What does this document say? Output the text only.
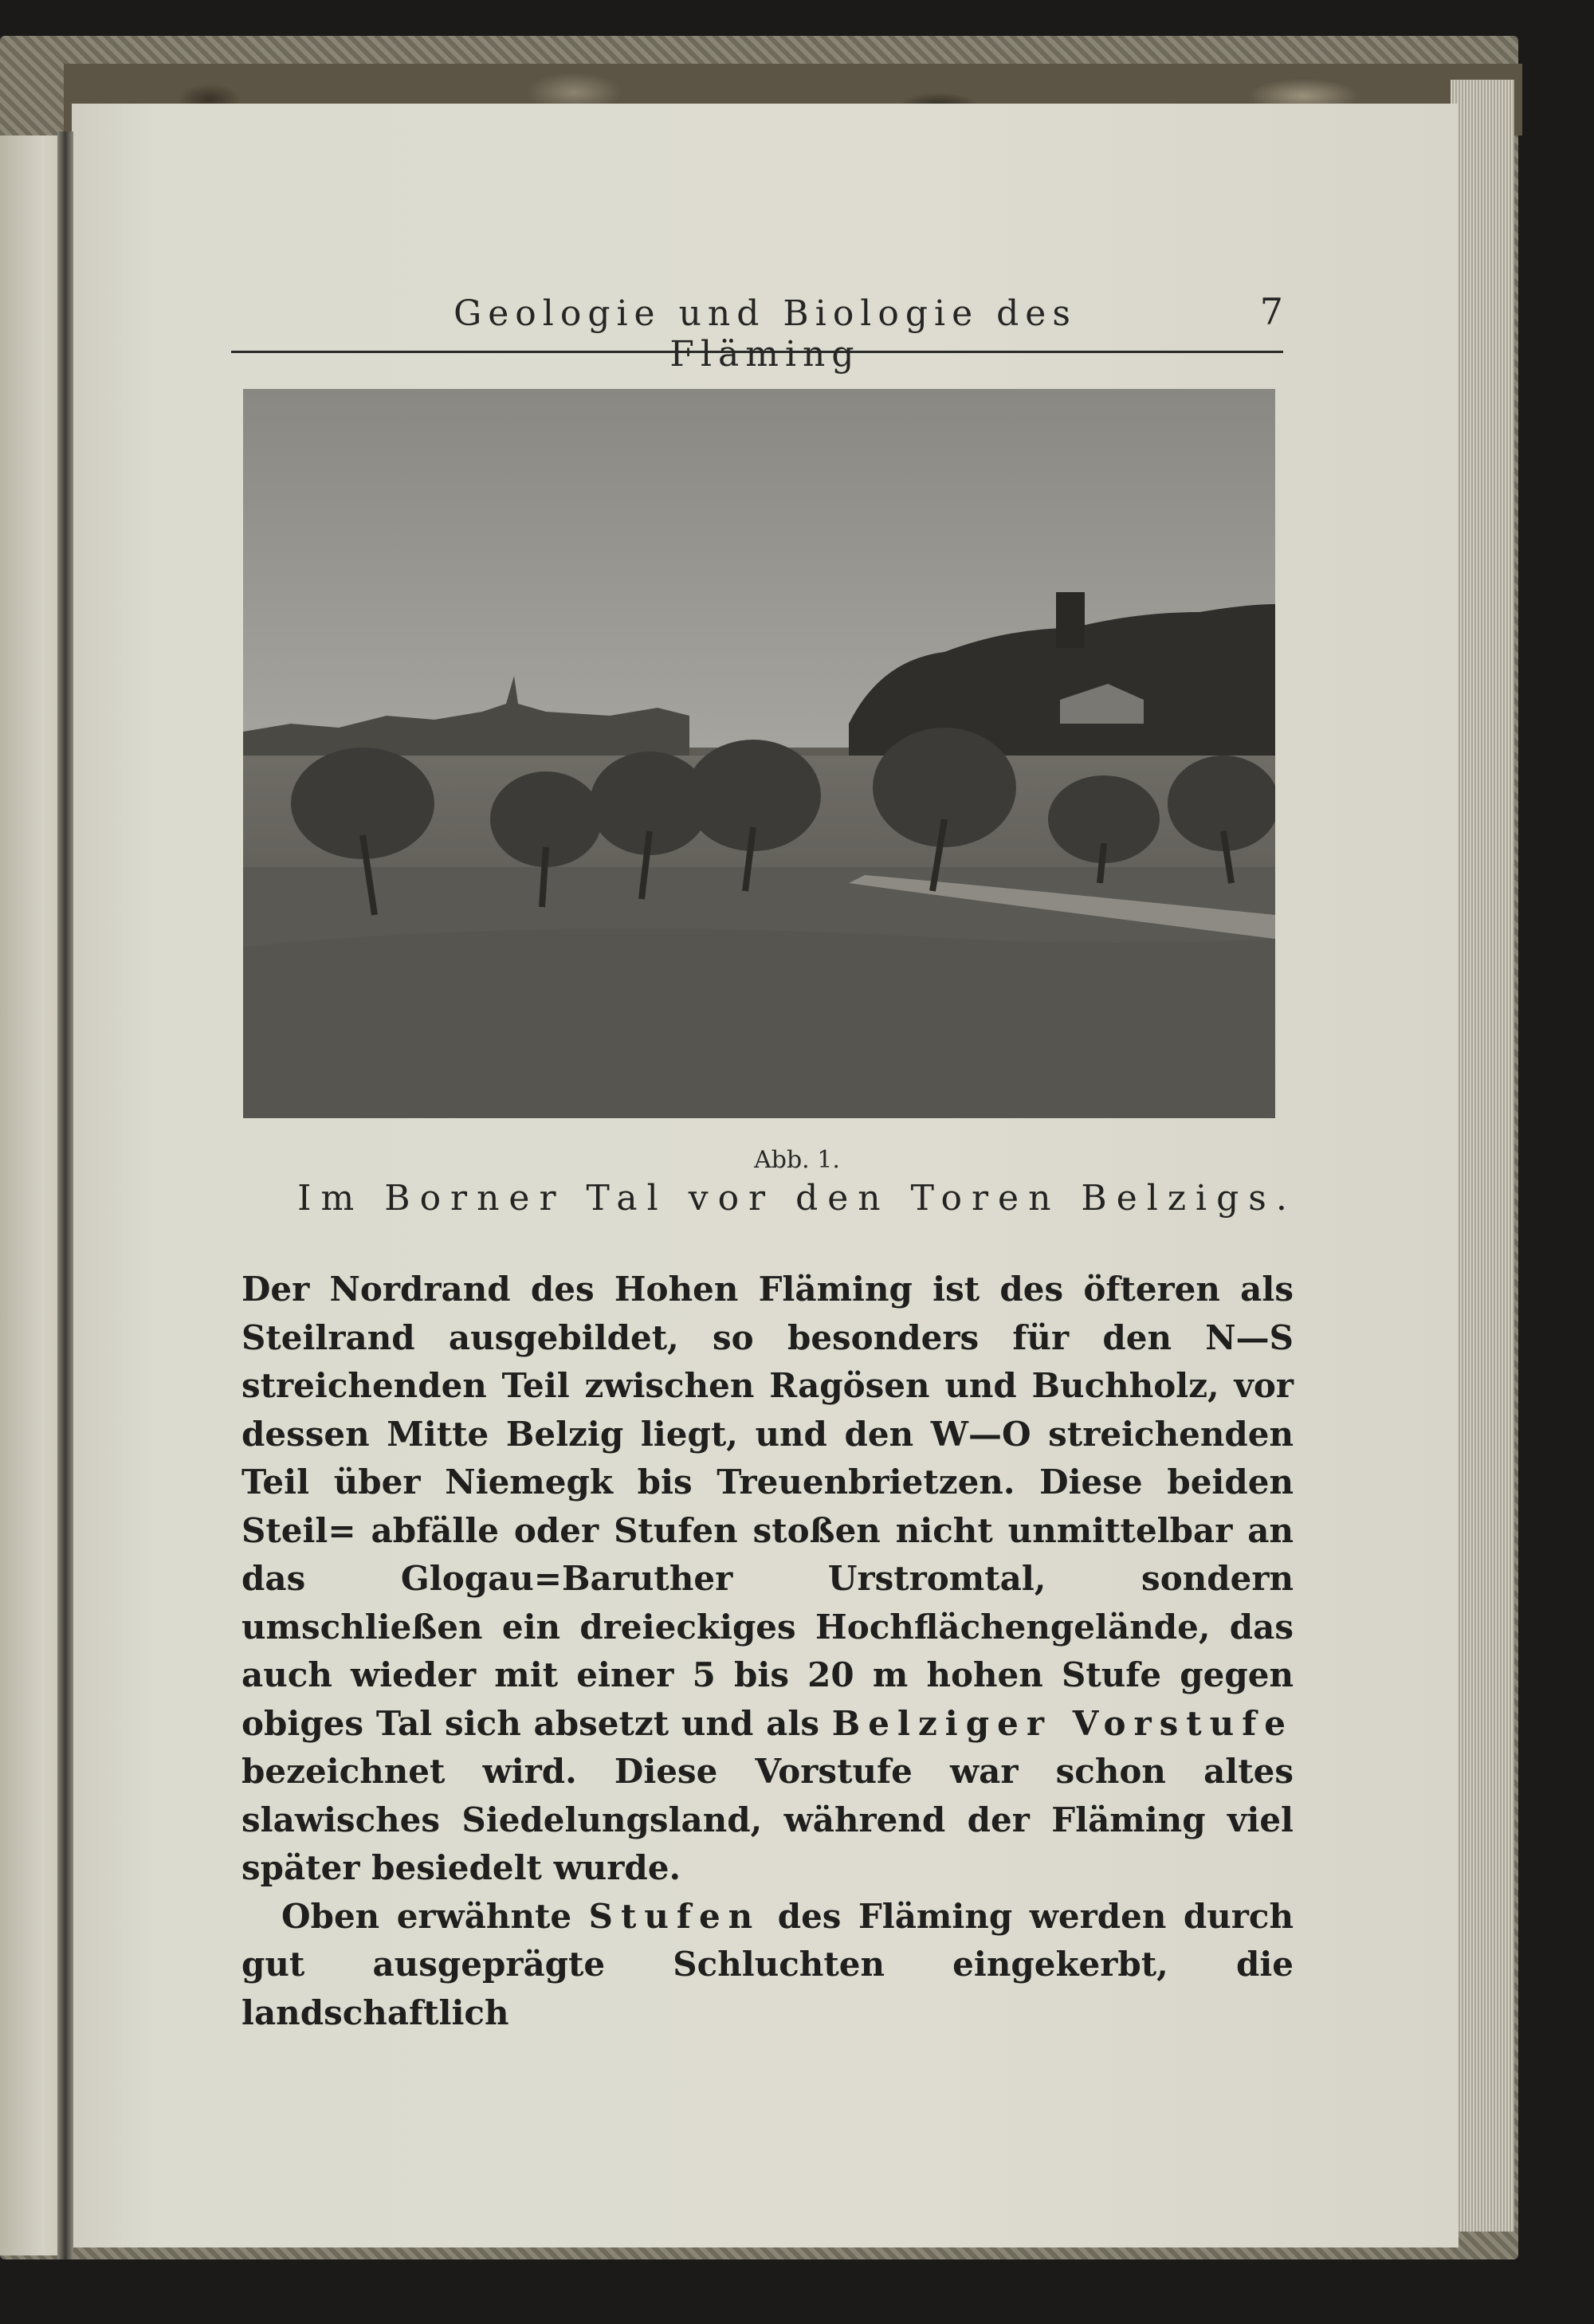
Geologie und Biologie des Fläming
7
Abb. 1.
Im Borner Tal vor den Toren Belzigs.

Der Nordrand des Hohen Fläming ist des öfteren als Steilrand ausgebildet, so besonders für den N—S streichenden Teil zwischen Ragösen und Buchholz, vor dessen Mitte Belzig liegt, und den W—O streichenden Teil über Niemegk bis Treuenbrietzen. Diese beiden Steil= abfälle oder Stufen stoßen nicht unmittelbar an das	Glogau=Baruther Urstromtal, sondern umschließen ein dreieckiges Hochflächengelände, das auch wieder mit einer 5 bis 20 m hohen Stufe gegen obiges Tal sich absetzt und als Belziger Vorstufe bezeichnet wird. Diese Vorstufe war schon altes slawisches Siedelungsland, während der Fläming viel später besiedelt wurde.

Oben erwähnte Stufen des Fläming werden durch gut ausgeprägte Schluchten eingekerbt, die landschaftlich
